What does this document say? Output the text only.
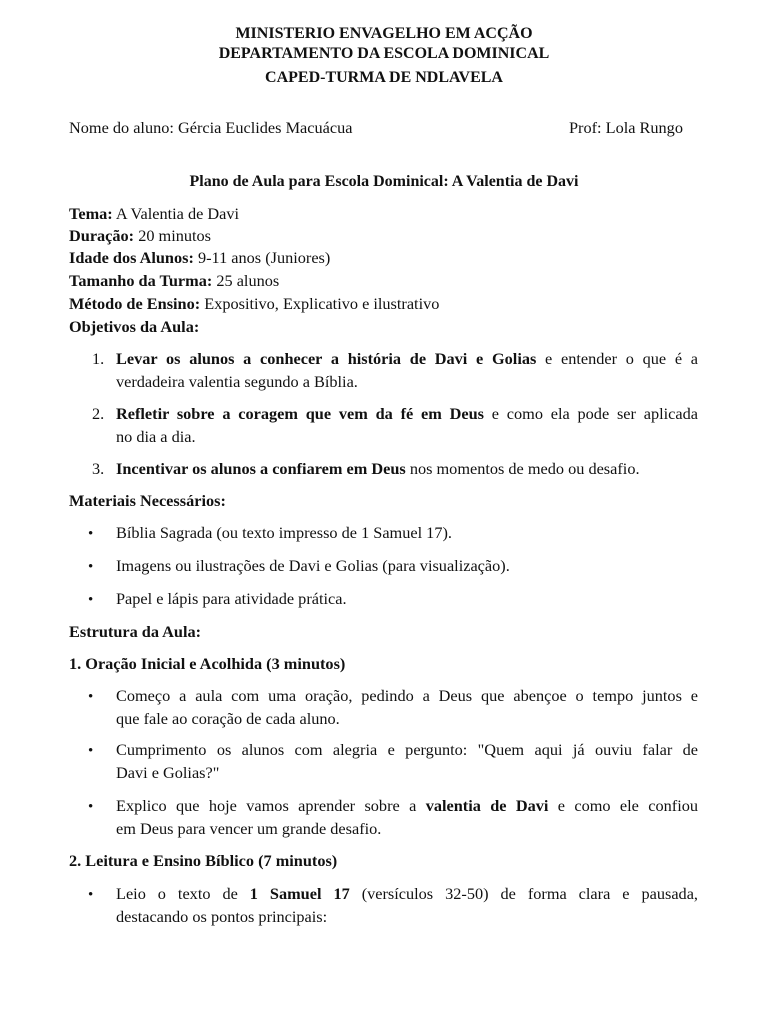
MINISTERIO ENVAGELHO EM ACÇÃO
DEPARTAMENTO DA ESCOLA DOMINICAL
CAPED-TURMA DE NDLAVELA
Nome do aluno: Gércia Euclides Macuácua	Prof: Lola Rungo
Plano de Aula para Escola Dominical: A Valentia de Davi
Tema: A Valentia de Davi
Duração: 20 minutos
Idade dos Alunos: 9-11 anos (Juniores)
Tamanho da Turma: 25 alunos
Método de Ensino: Expositivo, Explicativo e ilustrativo
Objetivos da Aula:
1. Levar os alunos a conhecer a história de Davi e Golias e entender o que é a
verdadeira valentia segundo a Bíblia.
2. Refletir sobre a coragem que vem da fé em Deus e como ela pode ser aplicada
no dia a dia.
3. Incentivar os alunos a confiarem em Deus nos momentos de medo ou desafio.
Materiais Necessários:
•	Bíblia Sagrada (ou texto impresso de 1 Samuel 17).
•	Imagens ou ilustrações de Davi e Golias (para visualização).
•	Papel e lápis para atividade prática.
Estrutura da Aula:
1. Oração Inicial e Acolhida (3 minutos)
•	Começo a aula com uma oração, pedindo a Deus que abençoe o tempo juntos e
que fale ao coração de cada aluno.
•	Cumprimento os alunos com alegria e pergunto: "Quem aqui já ouviu falar de
Davi e Golias?"
•	Explico que hoje vamos aprender sobre a valentia de Davi e como ele confiou
em Deus para vencer um grande desafio.
2. Leitura e Ensino Bíblico (7 minutos)
•	Leio o texto de 1 Samuel 17 (versículos 32-50) de forma clara e pausada,
destacando os pontos principais:
